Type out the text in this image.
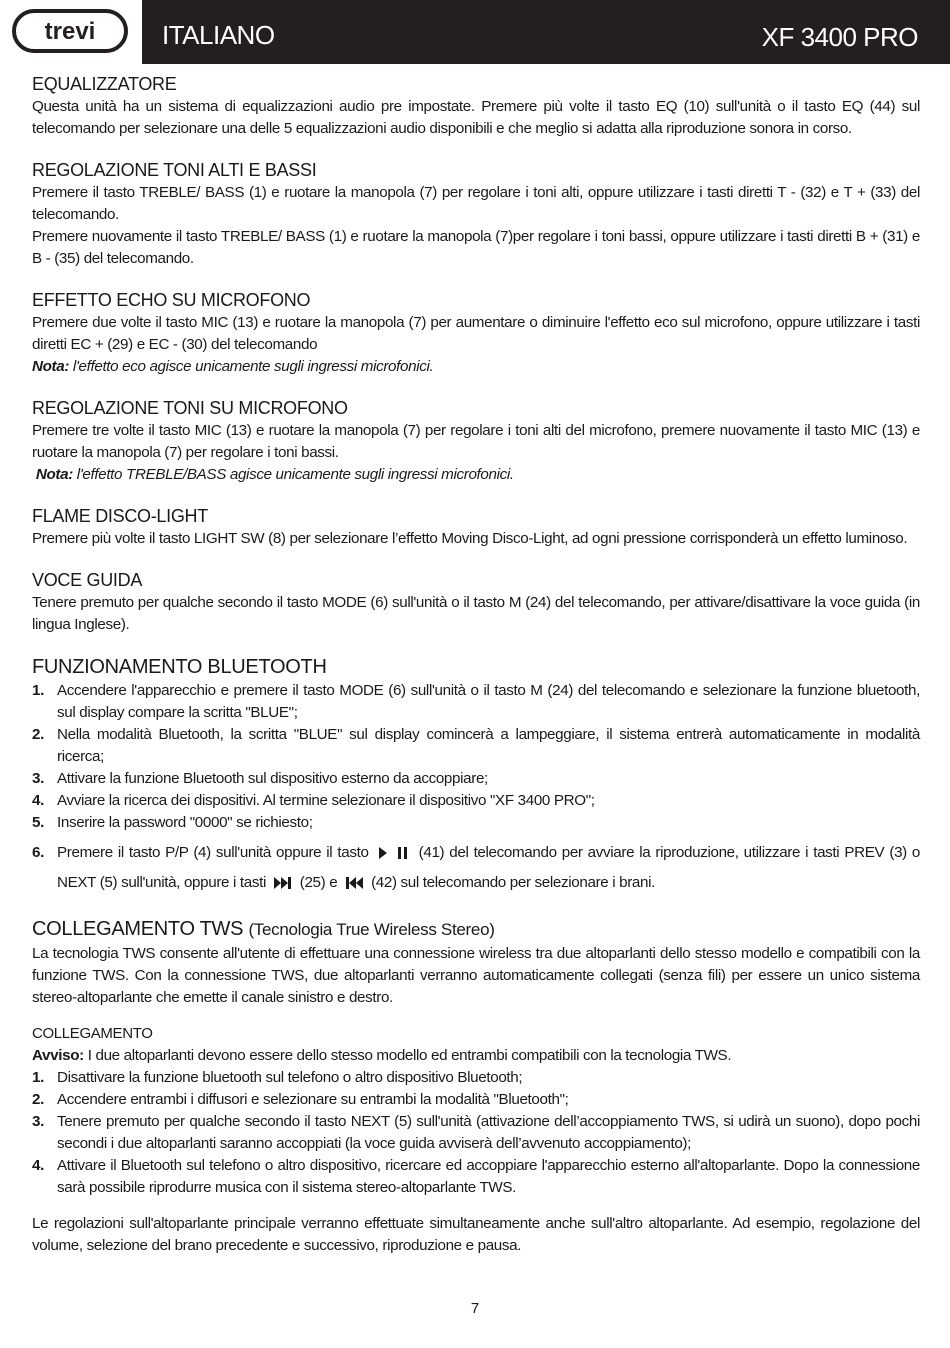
trevi	ITALIANO	XF 3400 PRO
EQUALIZZATORE

Questa unità ha un sistema di equalizzazioni audio pre impostate. Premere più volte il tasto EQ (10) sull'unità o il tasto EQ (44) sul telecomando per selezionare una delle 5 equalizzazioni audio disponibili e che meglio si adatta alla riproduzione sonora in corso.

REGOLAZIONE TONI ALTI E BASSI

Premere il tasto TREBLE/ BASS (1) e ruotare la manopola (7) per regolare i toni alti, oppure utilizzare i tasti diretti T - (32) e T + (33) del telecomando.

Premere nuovamente il tasto TREBLE/ BASS (1) e ruotare la manopola (7)per regolare i toni bassi, oppure utilizzare i tasti diretti B + (31) e B - (35) del telecomando.

EFFETTO ECHO SU MICROFONO

Premere due volte il tasto MIC (13) e ruotare la manopola (7) per aumentare o diminuire l'effetto eco sul microfono, oppure utilizzare i tasti diretti EC + (29) e EC - (30) del telecomando

Nota: l'effetto eco agisce unicamente sugli ingressi microfonici.

REGOLAZIONE TONI SU MICROFONO

Premere tre volte il tasto MIC (13) e ruotare la manopola (7) per regolare i toni alti del microfono, premere nuovamente il tasto MIC (13) e ruotare la manopola (7) per regolare i toni bassi.

Nota: l'effetto TREBLE/BASS agisce unicamente sugli ingressi microfonici.

FLAME DISCO-LIGHT

Premere più volte il tasto LIGHT SW (8) per selezionare l’effetto Moving Disco-Light, ad ogni pressione corrisponderà un effetto luminoso.

VOCE GUIDA

Tenere premuto per qualche secondo il tasto MODE (6) sull'unità o il tasto M (24) del telecomando, per attivare/disattivare la voce guida (in lingua Inglese).

FUNZIONAMENTO BLUETOOTH
1. Accendere l'apparecchio e premere il tasto MODE (6) sull'unità o il tasto M (24) del telecomando e selezionare la funzione bluetooth, sul display compare la scritta "BLUE";
2. Nella modalità Bluetooth, la scritta "BLUE" sul display comincerà a lampeggiare, il sistema entrerà automaticamente in modalità ricerca;
3. Attivare la funzione Bluetooth sul dispositivo esterno da accoppiare;
4. Avviare la ricerca dei dispositivi. Al termine selezionare il dispositivo "XF 3400 PRO";
5. Inserire la password "0000" se richiesto;
6. Premere il tasto P/P (4) sull'unità oppure il tasto	(41) del telecomando per avviare la riproduzione, utilizzare i tasti PREV (3) o NEXT (5) sull'unità, oppure i tasti (25) e (42) sul telecomando per selezionare i brani.
COLLEGAMENTO TWS (Tecnologia True Wireless Stereo)

La tecnologia TWS consente all'utente di effettuare una connessione wireless tra due altoparlanti dello stesso modello e compatibili con la funzione TWS. Con la connessione TWS, due altoparlanti verranno automaticamente collegati (senza fili) per essere un unico sistema stereo-altoparlante che emette il canale sinistro e destro.

COLLEGAMENTO

Avviso: I due altoparlanti devono essere dello stesso modello ed entrambi compatibili con la tecnologia TWS.

1. Disattivare la funzione bluetooth sul telefono o altro dispositivo Bluetooth;
2. Accendere entrambi i diffusori e selezionare su entrambi la modalità "Bluetooth";
3. Tenere premuto per qualche secondo il tasto NEXT (5) sull'unità (attivazione dell’accoppiamento TWS, si udirà un suono), dopo pochi secondi i due altoparlanti saranno accoppiati (la voce guida avviserà dell’avvenuto accoppiamento);
4. Attivare il Bluetooth sul telefono o altro dispositivo, ricercare ed accoppiare l'apparecchio esterno all'altoparlante. Dopo la connessione sarà possibile riprodurre musica con il sistema stereo-altoparlante TWS.

Le regolazioni sull'altoparlante principale verranno effettuate simultaneamente anche sull'altro altoparlante. Ad esempio, regolazione del volume, selezione del brano precedente e successivo, riproduzione e pausa.

7
